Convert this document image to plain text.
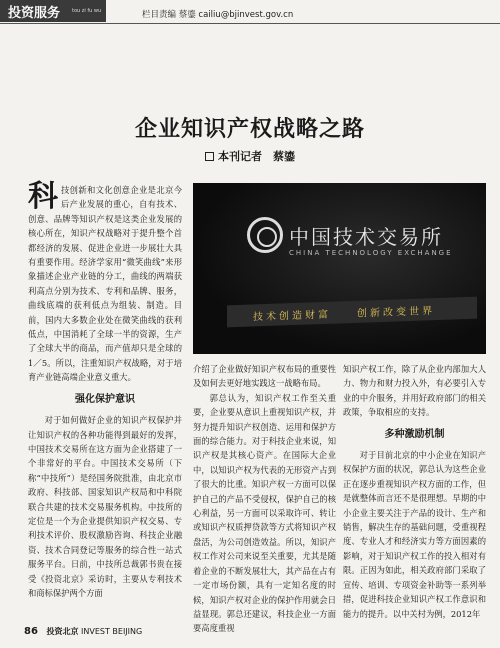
投资服务 tou zi fu wu	栏目责编 蔡鎏 cailiu@bjinvest.gov.cn
企业知识产权战略之路
本刊记者　蔡鎏

科技创新和文化创意企业是北京今后产业发展的重心，自有技术、创意、品牌等知识产权是这类企业发展的核心所在，知识产权战略对于提升整个首都经济的发展、促进企业进一步展壮大具有重要作用。经济学家用“微笑曲线”来形象描述企业产业链的分工，曲线的两端获利高点分别为技术、专利和品牌、服务，曲线底端的获利低点为组装、制造。目前，国内大多数企业处在微笑曲线的获利低点，中国消耗了全球一半的资源，生产了全球大半的商品，而产值却只是全球的1／5。所以，注重知识产权战略，对于培育产业链高端企业意义重大。

强化保护意识

对于如何做好企业的知识产权保护并让知识产权的各种功能得到最好的发挥，中国技术交易所在这方面为企业搭建了一个非常好的平台。中国技术交易所（下称“中技所”）是经国务院批准，由北京市政府、科技部、国家知识产权局和中科院联合共建的技术交易服务机构。中技所的定位是一个为企业提供知识产权交易、专利技术评价、股权激励咨询、科技企业融资、技术合同登记等服务的综合性一站式服务平台。日前，中技所总裁郭书贵在接受《投资北京》采访时，主要从专利技术和商标保护两个方面

中国技术交易所
CHINA TECHNOLOGY EXCHANGE
技术创造财富　　创新改变世界

介绍了企业做好知识产权布局的重要性及如何去更好地实践这一战略布局。

郭总认为，知识产权工作至关重要，企业要从意识上重视知识产权，并努力提升知识产权创造、运用和保护方面的综合能力。对于科技企业来说，知识产权是其核心资产。在国际大企业中，以知识产权为代表的无形资产占到了很大的比重。知识产权一方面可以保护自己的产品不受侵权，保护自己的核心利益，另一方面可以采取许可、转让或知识产权质押贷款等方式将知识产权盘活，为公司创造效益。所以，知识产权工作对公司来说至关重要，尤其是随着企业的不断发展壮大，其产品在占有一定市场份额，具有一定知名度的时候，知识产权对企业的保护作用就会日益显现。郭总还建议，科技企业一方面要高度重视

知识产权工作，除了从企业内部加大人力、物力和财力投入外，有必要引入专业的中介服务，并用好政府部门的相关政策，争取相应的支持。

多种激励机制

对于目前北京的中小企业在知识产权保护方面的状况，郭总认为这些企业正在逐步重视知识产权方面的工作，但是就整体而言还不是很理想。早期的中小企业主要关注于产品的设计、生产和销售，解决生存的基础问题，受重视程度、专业人才和经济实力等方面因素的影响，对于知识产权工作的投入相对有限。正因为如此，相关政府部门采取了宣传、培训、专项资金补助等一系列举措，促进科技企业知识产权工作意识和能力的提升。以中关村为例，2012年

86 投资北京 INVEST BEIJING
